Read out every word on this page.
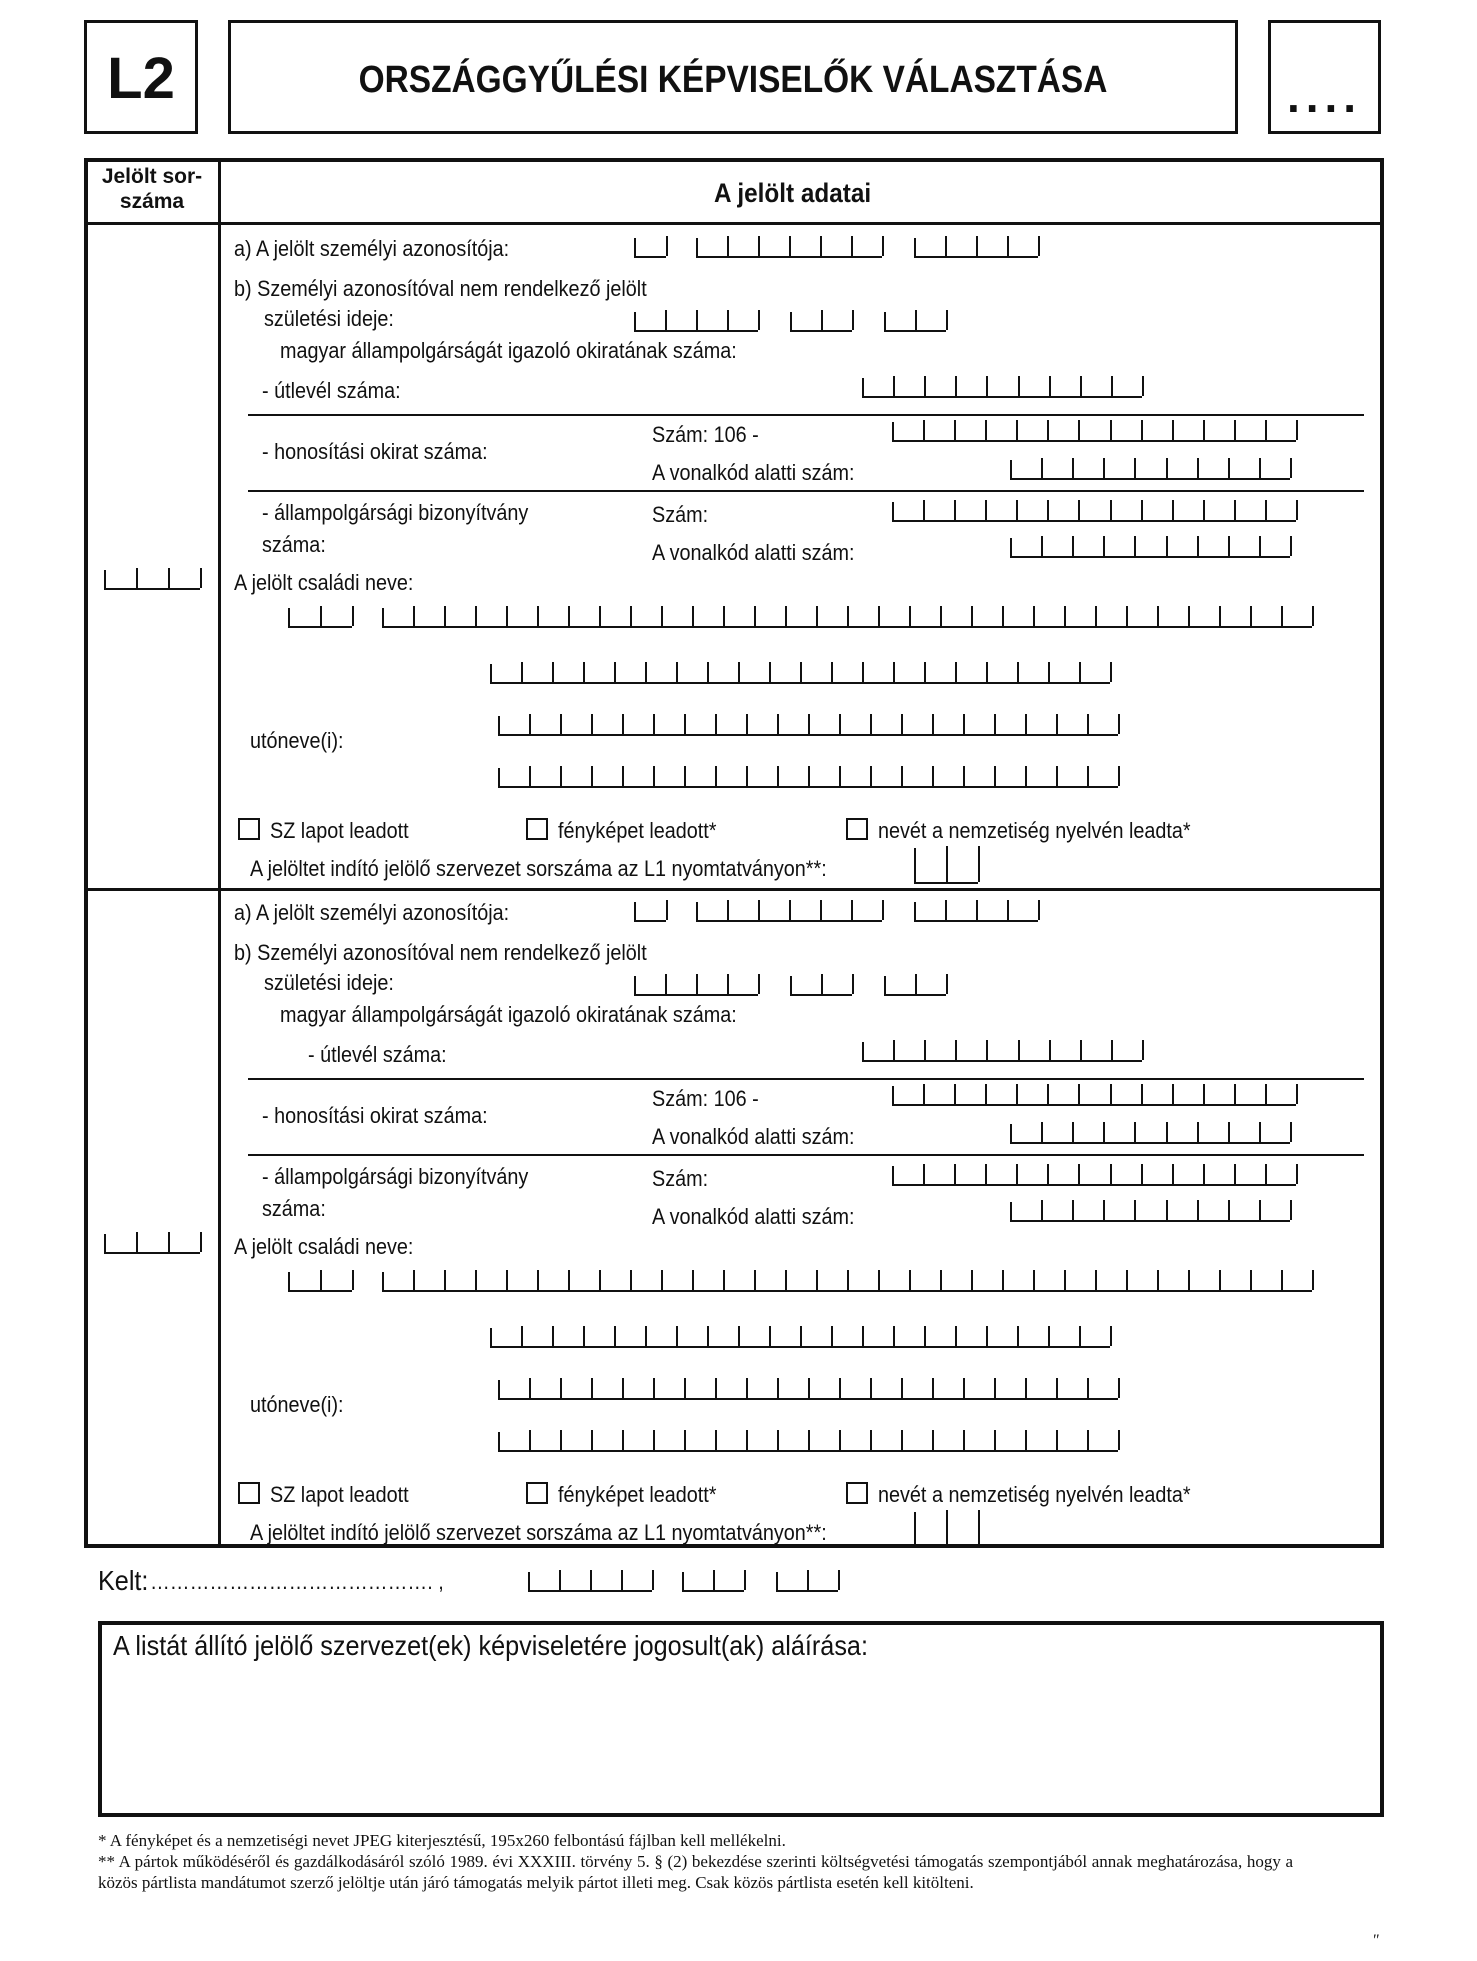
L2	ORSZÁGGYŰLÉSI KÉPVISELŐK VÁLASZTÁSA	....
Jelölt sor-
száma	A jelölt adatai
a) A jelölt személyi azonosítója:
b) Személyi azonosítóval nem rendelkező jelölt
születési ideje:
magyar állampolgárságát igazoló okiratának száma:
- útlevél száma:
- honosítási okirat száma:
Szám: 106 -
A vonalkód alatti szám:
- állampolgársági bizonyítvány
száma:
Szám:
A vonalkód alatti szám:
A jelölt családi neve:
utóneve(i):
SZ lapot leadott	fényképet leadott*	nevét a nemzetiség nyelvén leadta*
A jelöltet indító jelölő szervezet sorszáma az L1 nyomtatványon**:
a) A jelölt személyi azonosítója:
b) Személyi azonosítóval nem rendelkező jelölt
születési ideje:
magyar állampolgárságát igazoló okiratának száma:
- útlevél száma:
- honosítási okirat száma:
Szám: 106 -
A vonalkód alatti szám:
- állampolgársági bizonyítvány
száma:
Szám:
A vonalkód alatti szám:
A jelölt családi neve:
utóneve(i):
SZ lapot leadott	fényképet leadott*	nevét a nemzetiség nyelvén leadta*
A jelöltet indító jelölő szervezet sorszáma az L1 nyomtatványon**:
Kelt: ……………………………………. ,
A listát állító jelölő szervezet(ek) képviseletére jogosult(ak) aláírása:
* A fényképet és a nemzetiségi nevet JPEG kiterjesztésű, 195x260 felbontású fájlban kell mellékelni.
** A pártok működéséről és gazdálkodásáról szóló 1989. évi XXXIII. törvény 5. § (2) bekezdése szerinti költségvetési támogatás szempontjából annak meghatározása, hogy a közös pártlista mandátumot szerző jelöltje után járó támogatás melyik pártot illeti meg. Csak közös pártlista esetén kell kitölteni.
"
